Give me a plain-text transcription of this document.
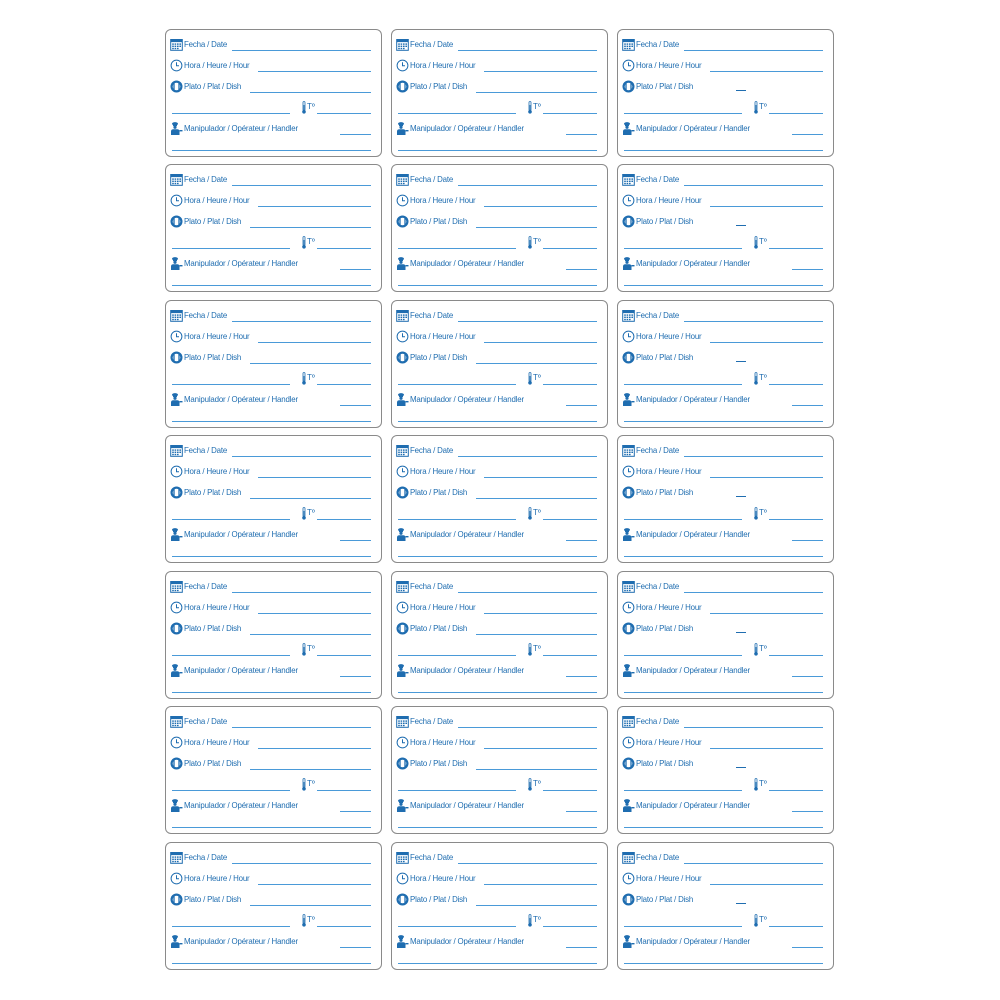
Fecha / Date
Hora / Heure / Hour
Plato / Plat / Dish
Tº
Manipulador / Opérateur / Handler
Fecha / Date
Hora / Heure / Hour
Plato / Plat / Dish
Tº
Manipulador / Opérateur / Handler
Fecha / Date
Hora / Heure / Hour
Plato / Plat / Dish
Tº
Manipulador / Opérateur / Handler
Fecha / Date
Hora / Heure / Hour
Plato / Plat / Dish
Tº
Manipulador / Opérateur / Handler
Fecha / Date
Hora / Heure / Hour
Plato / Plat / Dish
Tº
Manipulador / Opérateur / Handler
Fecha / Date
Hora / Heure / Hour
Plato / Plat / Dish
Tº
Manipulador / Opérateur / Handler
Fecha / Date
Hora / Heure / Hour
Plato / Plat / Dish
Tº
Manipulador / Opérateur / Handler
Fecha / Date
Hora / Heure / Hour
Plato / Plat / Dish
Tº
Manipulador / Opérateur / Handler
Fecha / Date
Hora / Heure / Hour
Plato / Plat / Dish
Tº
Manipulador / Opérateur / Handler
Fecha / Date
Hora / Heure / Hour
Plato / Plat / Dish
Tº
Manipulador / Opérateur / Handler
Fecha / Date
Hora / Heure / Hour
Plato / Plat / Dish
Tº
Manipulador / Opérateur / Handler
Fecha / Date
Hora / Heure / Hour
Plato / Plat / Dish
Tº
Manipulador / Opérateur / Handler
Fecha / Date
Hora / Heure / Hour
Plato / Plat / Dish
Tº
Manipulador / Opérateur / Handler
Fecha / Date
Hora / Heure / Hour
Plato / Plat / Dish
Tº
Manipulador / Opérateur / Handler
Fecha / Date
Hora / Heure / Hour
Plato / Plat / Dish
Tº
Manipulador / Opérateur / Handler
Fecha / Date
Hora / Heure / Hour
Plato / Plat / Dish
Tº
Manipulador / Opérateur / Handler
Fecha / Date
Hora / Heure / Hour
Plato / Plat / Dish
Tº
Manipulador / Opérateur / Handler
Fecha / Date
Hora / Heure / Hour
Plato / Plat / Dish
Tº
Manipulador / Opérateur / Handler
Fecha / Date
Hora / Heure / Hour
Plato / Plat / Dish
Tº
Manipulador / Opérateur / Handler
Fecha / Date
Hora / Heure / Hour
Plato / Plat / Dish
Tº
Manipulador / Opérateur / Handler
Fecha / Date
Hora / Heure / Hour
Plato / Plat / Dish
Tº
Manipulador / Opérateur / Handler
